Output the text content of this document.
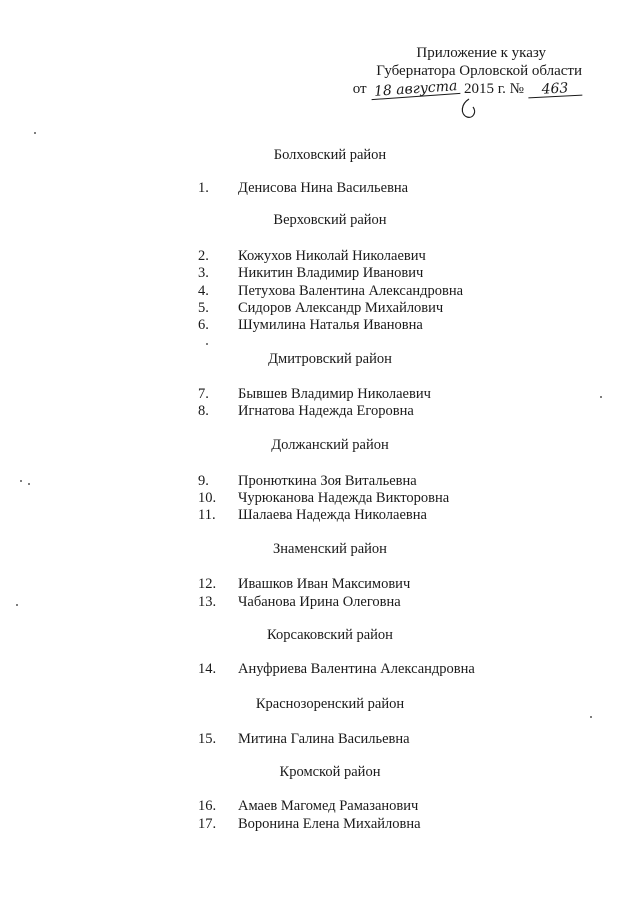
Приложение к указу
Губернатора Орловской области
от 18 августа 2015 г. №	463
Болховский район
1. Денисова Нина Васильевна
Верховский район
2. Кожухов Николай Николаевич
3. Никитин Владимир Иванович
4. Петухова Валентина Александровна
5. Сидоров Александр Михайлович
6. Шумилина Наталья Ивановна
Дмитровский район
7. Бывшев Владимир Николаевич
8. Игнатова Надежда Егоровна
Должанский район
9. Пронюткина Зоя Витальевна
10. Чурюканова Надежда Викторовна
11. Шалаева Надежда Николаевна
Знаменский район
12. Ивашков Иван Максимович
13. Чабанова Ирина Олеговна
Корсаковский район
14. Ануфриева Валентина Александровна
Краснозоренский район
15. Митина Галина Васильевна
Кромской район
16. Амаев Магомед Рамазанович
17. Воронина Елена Михайловна
